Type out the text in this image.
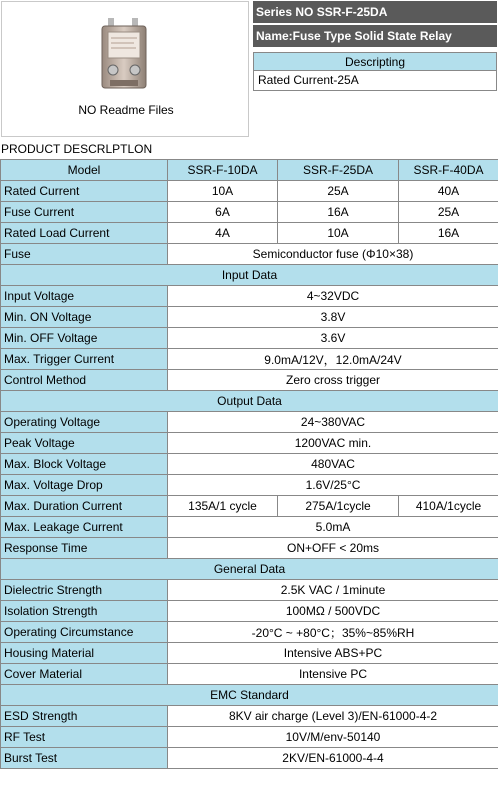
NO Readme Files
Series NO SSR-F-25DA
Name:Fuse Type Solid State Relay
Descripting
Rated Current-25A
PRODUCT DESCRLPTLON
Model	SSR-F-10DA	SSR-F-25DA	SSR-F-40DA
Rated Current	10A	25A	40A
Fuse Current	6A	16A	25A
Rated Load Current	4A	10A	16A
Fuse	Semiconductor fuse (Φ10×38)		
Input Data			
Input Voltage	4~32VDC		
Min. ON Voltage	3.8V		
Min. OFF Voltage	3.6V		
Max. Trigger Current	9.0mA/12V，12.0mA/24V		
Control Method	Zero cross trigger		
Output Data			
Operating Voltage	24~380VAC		
Peak Voltage	1200VAC min.		
Max. Block Voltage	480VAC		
Max. Voltage Drop	1.6V/25°C		
Max. Duration Current	135A/1 cycle	275A/1cycle	410A/1cycle
Max. Leakage Current	5.0mA		
Response Time	ON+OFF < 20ms		
General Data			
Dielectric Strength	2.5K VAC / 1minute		
Isolation Strength	100MΩ / 500VDC		
Operating Circumstance	-20°C ~ +80°C；35%~85%RH		
Housing Material	Intensive ABS+PC		
Cover Material	Intensive PC		
EMC Standard			
ESD Strength	8KV air charge (Level 3)/EN-61000-4-2		
RF Test	10V/M/env-50140		
Burst Test	2KV/EN-61000-4-4		
